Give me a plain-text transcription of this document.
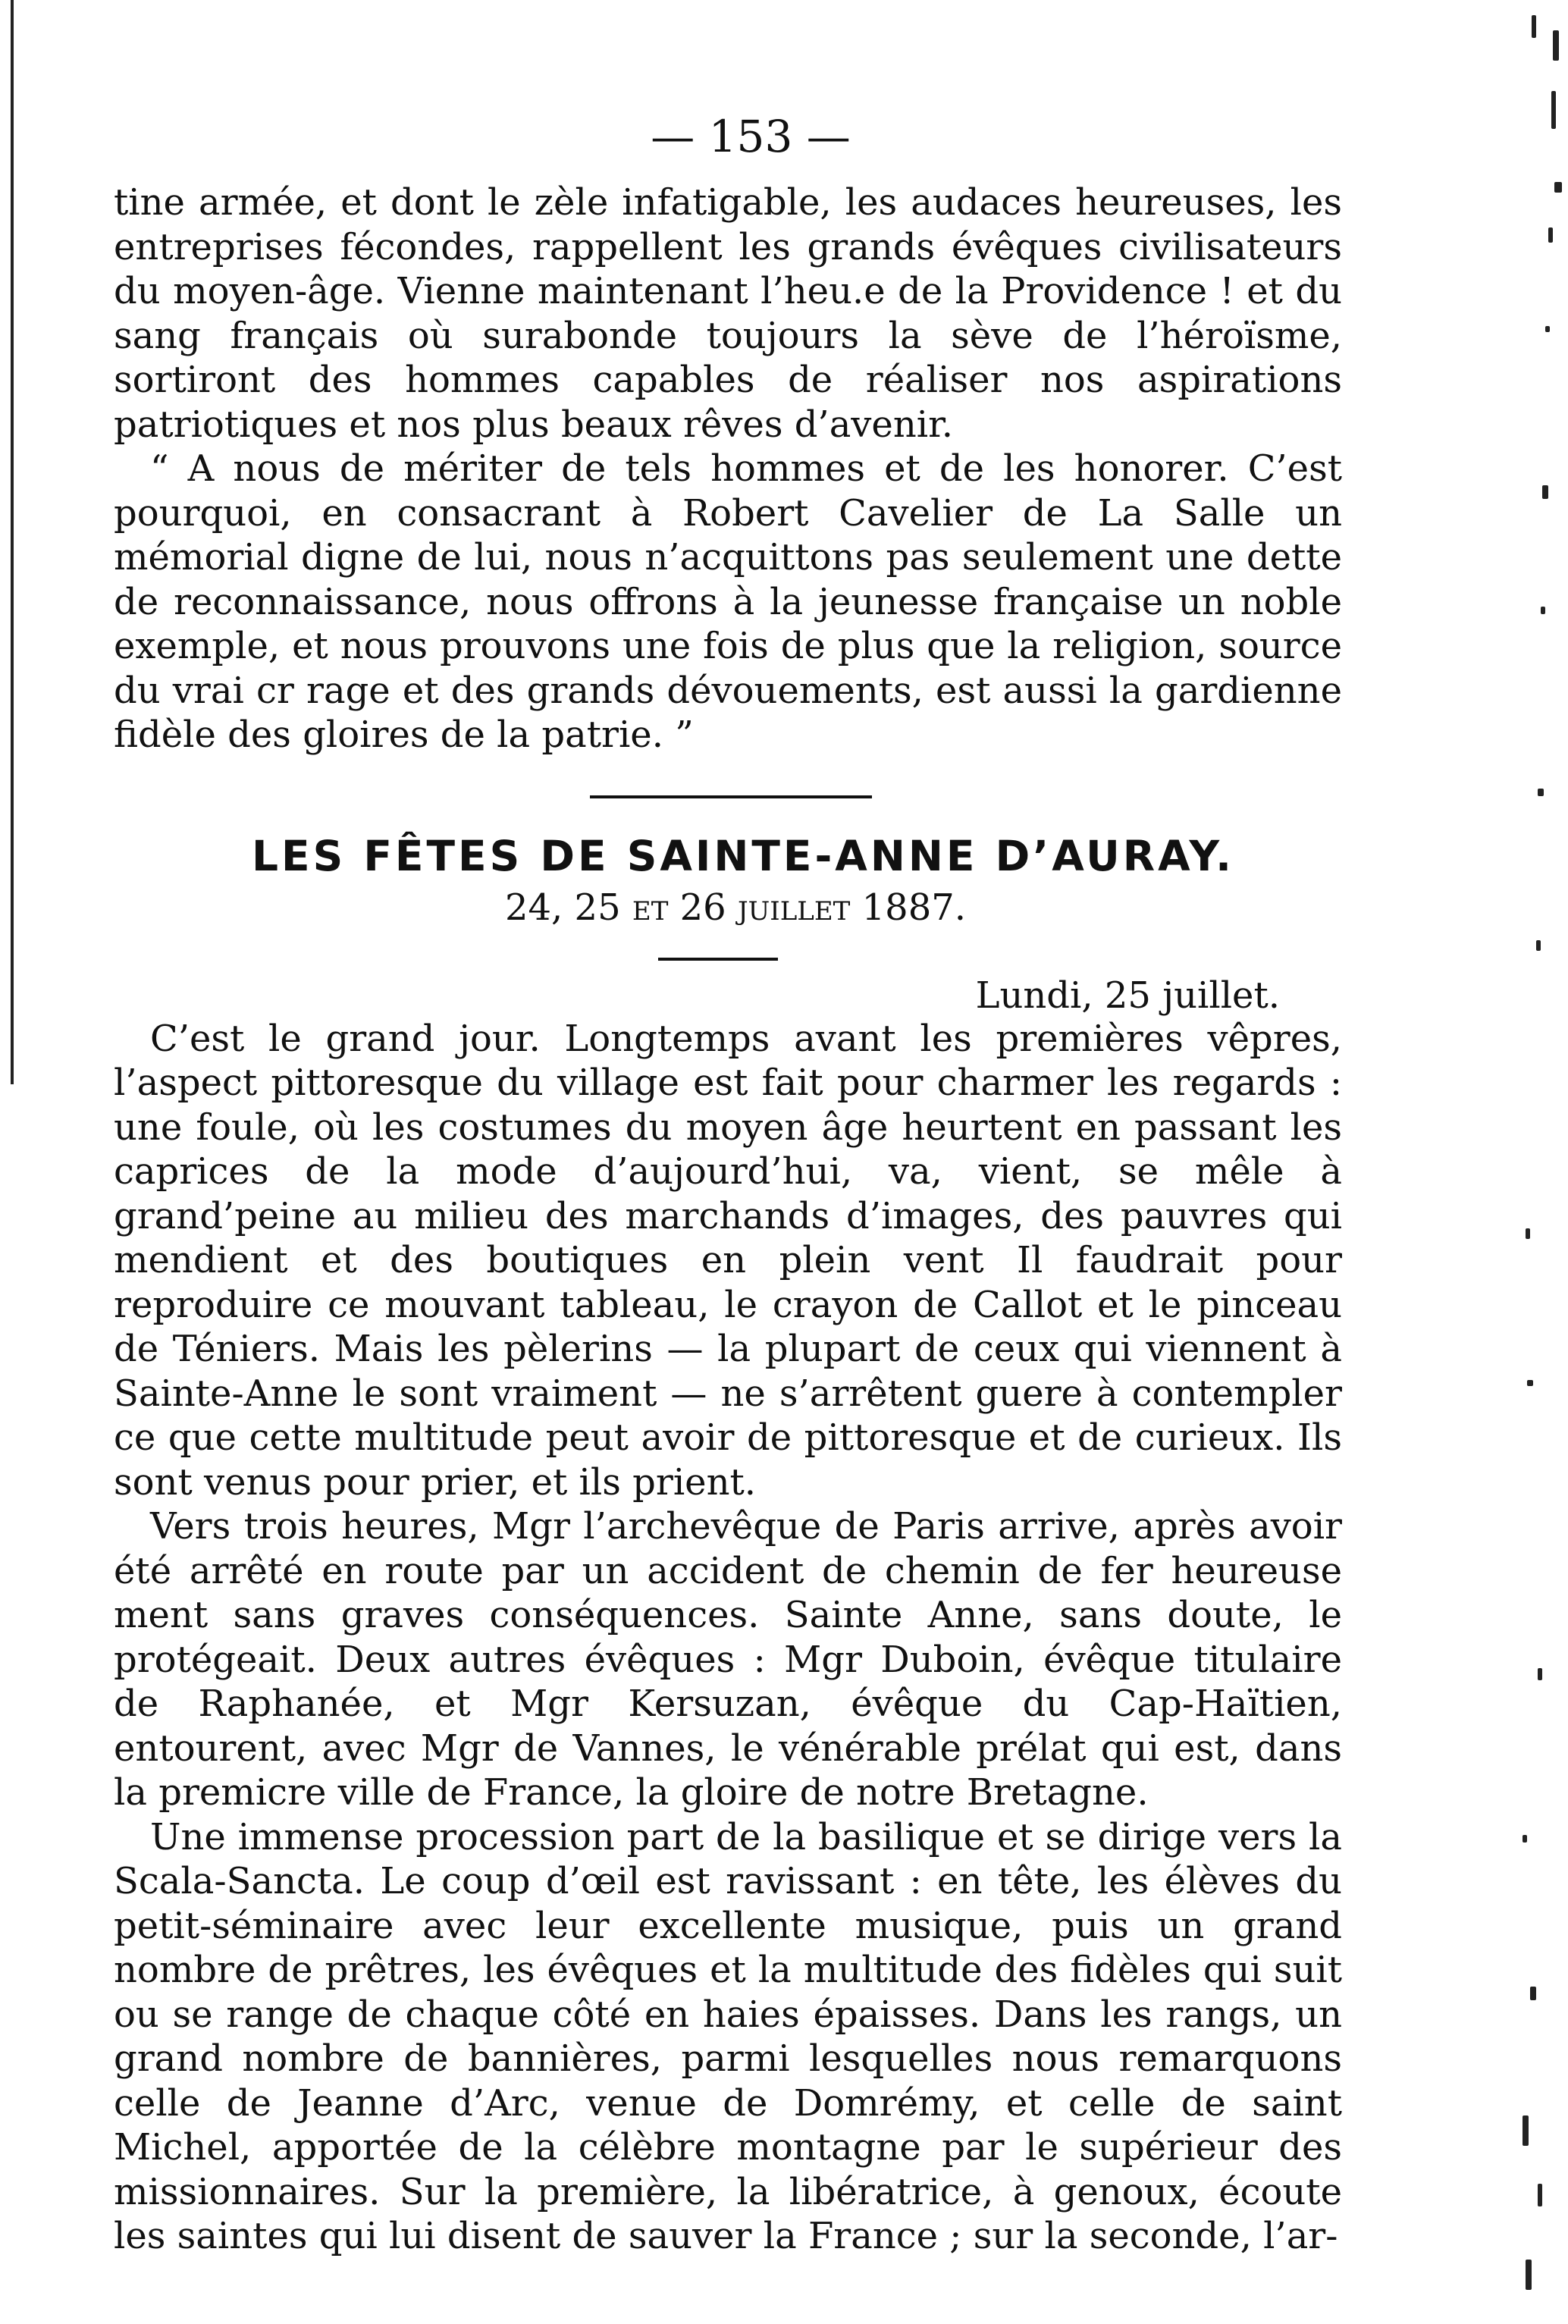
— 153 —

tine armée, et dont le zèle infatigable, les audaces heureuses, les entreprises fécondes, rappellent les grands évêques civilisateurs du moyen-âge. Vienne maintenant l’heu.e de la Providence ! et du sang français où surabonde toujours la sève de l’héroïsme, sortiront des hommes capables de réaliser nos aspirations patriotiques et nos plus beaux rêves d’avenir.

“ A nous de mériter de tels hommes et de les honorer. C’est pourquoi, en consacrant à Robert Cavelier de La Salle un mémorial digne de lui, nous n’acquittons pas seulement une dette de reconnaissance, nous offrons à la jeunesse française un noble exemple, et nous prouvons une fois de plus que la religion, source du vrai cr rage et des grands dévouements, est aussi la gardienne fidèle des gloires de la patrie. ”

LES FÊTES DE SAINTE-ANNE D’AURAY.
24, 25 et 26 juillet 1887.
Lundi, 25 juillet.

C’est le grand jour. Longtemps avant les premières vêpres, l’aspect pittoresque du village est fait pour charmer les regards : une foule, où les costumes du moyen âge heurtent en passant les caprices de la mode d’aujourd’hui, va, vient, se mêle à grand’peine au milieu des marchands d’images, des pauvres qui mendient et des boutiques en plein vent Il faudrait pour reproduire ce mouvant tableau, le crayon de Callot et le pinceau de Téniers. Mais les pèlerins — la plupart de ceux qui viennent à Sainte-Anne le sont vraiment — ne s’arrêtent guere à contempler ce que cette multitude peut avoir de pittoresque et de curieux. Ils sont venus pour prier, et ils prient.

Vers trois heures, Mgr l’archevêque de Paris arrive, après avoir été arrêté en route par un accident de chemin de fer heureuse ment sans graves conséquences. Sainte Anne, sans doute, le protégeait. Deux autres évêques : Mgr Duboin, évêque titulaire de Raphanée, et Mgr Kersuzan, évêque du Cap-Haïtien, entourent, avec Mgr de Vannes, le vénérable prélat qui est, dans la premicre ville de France, la gloire de notre Bretagne.

Une immense procession part de la basilique et se dirige vers la Scala-Sancta. Le coup d’œil est ravissant : en tête, les élèves du petit-séminaire avec leur excellente musique, puis un grand nombre de prêtres, les évêques et la multitude des fidèles qui suit ou se range de chaque côté en haies épaisses. Dans les rangs, un grand nombre de bannières, parmi lesquelles nous remarquons celle de Jeanne d’Arc, venue de Domrémy, et celle de saint Michel, apportée de la célèbre montagne par le supérieur des missionnaires. Sur la première, la libératrice, à genoux, écoute les saintes qui lui disent de sauver la France ; sur la seconde, l’ar-
